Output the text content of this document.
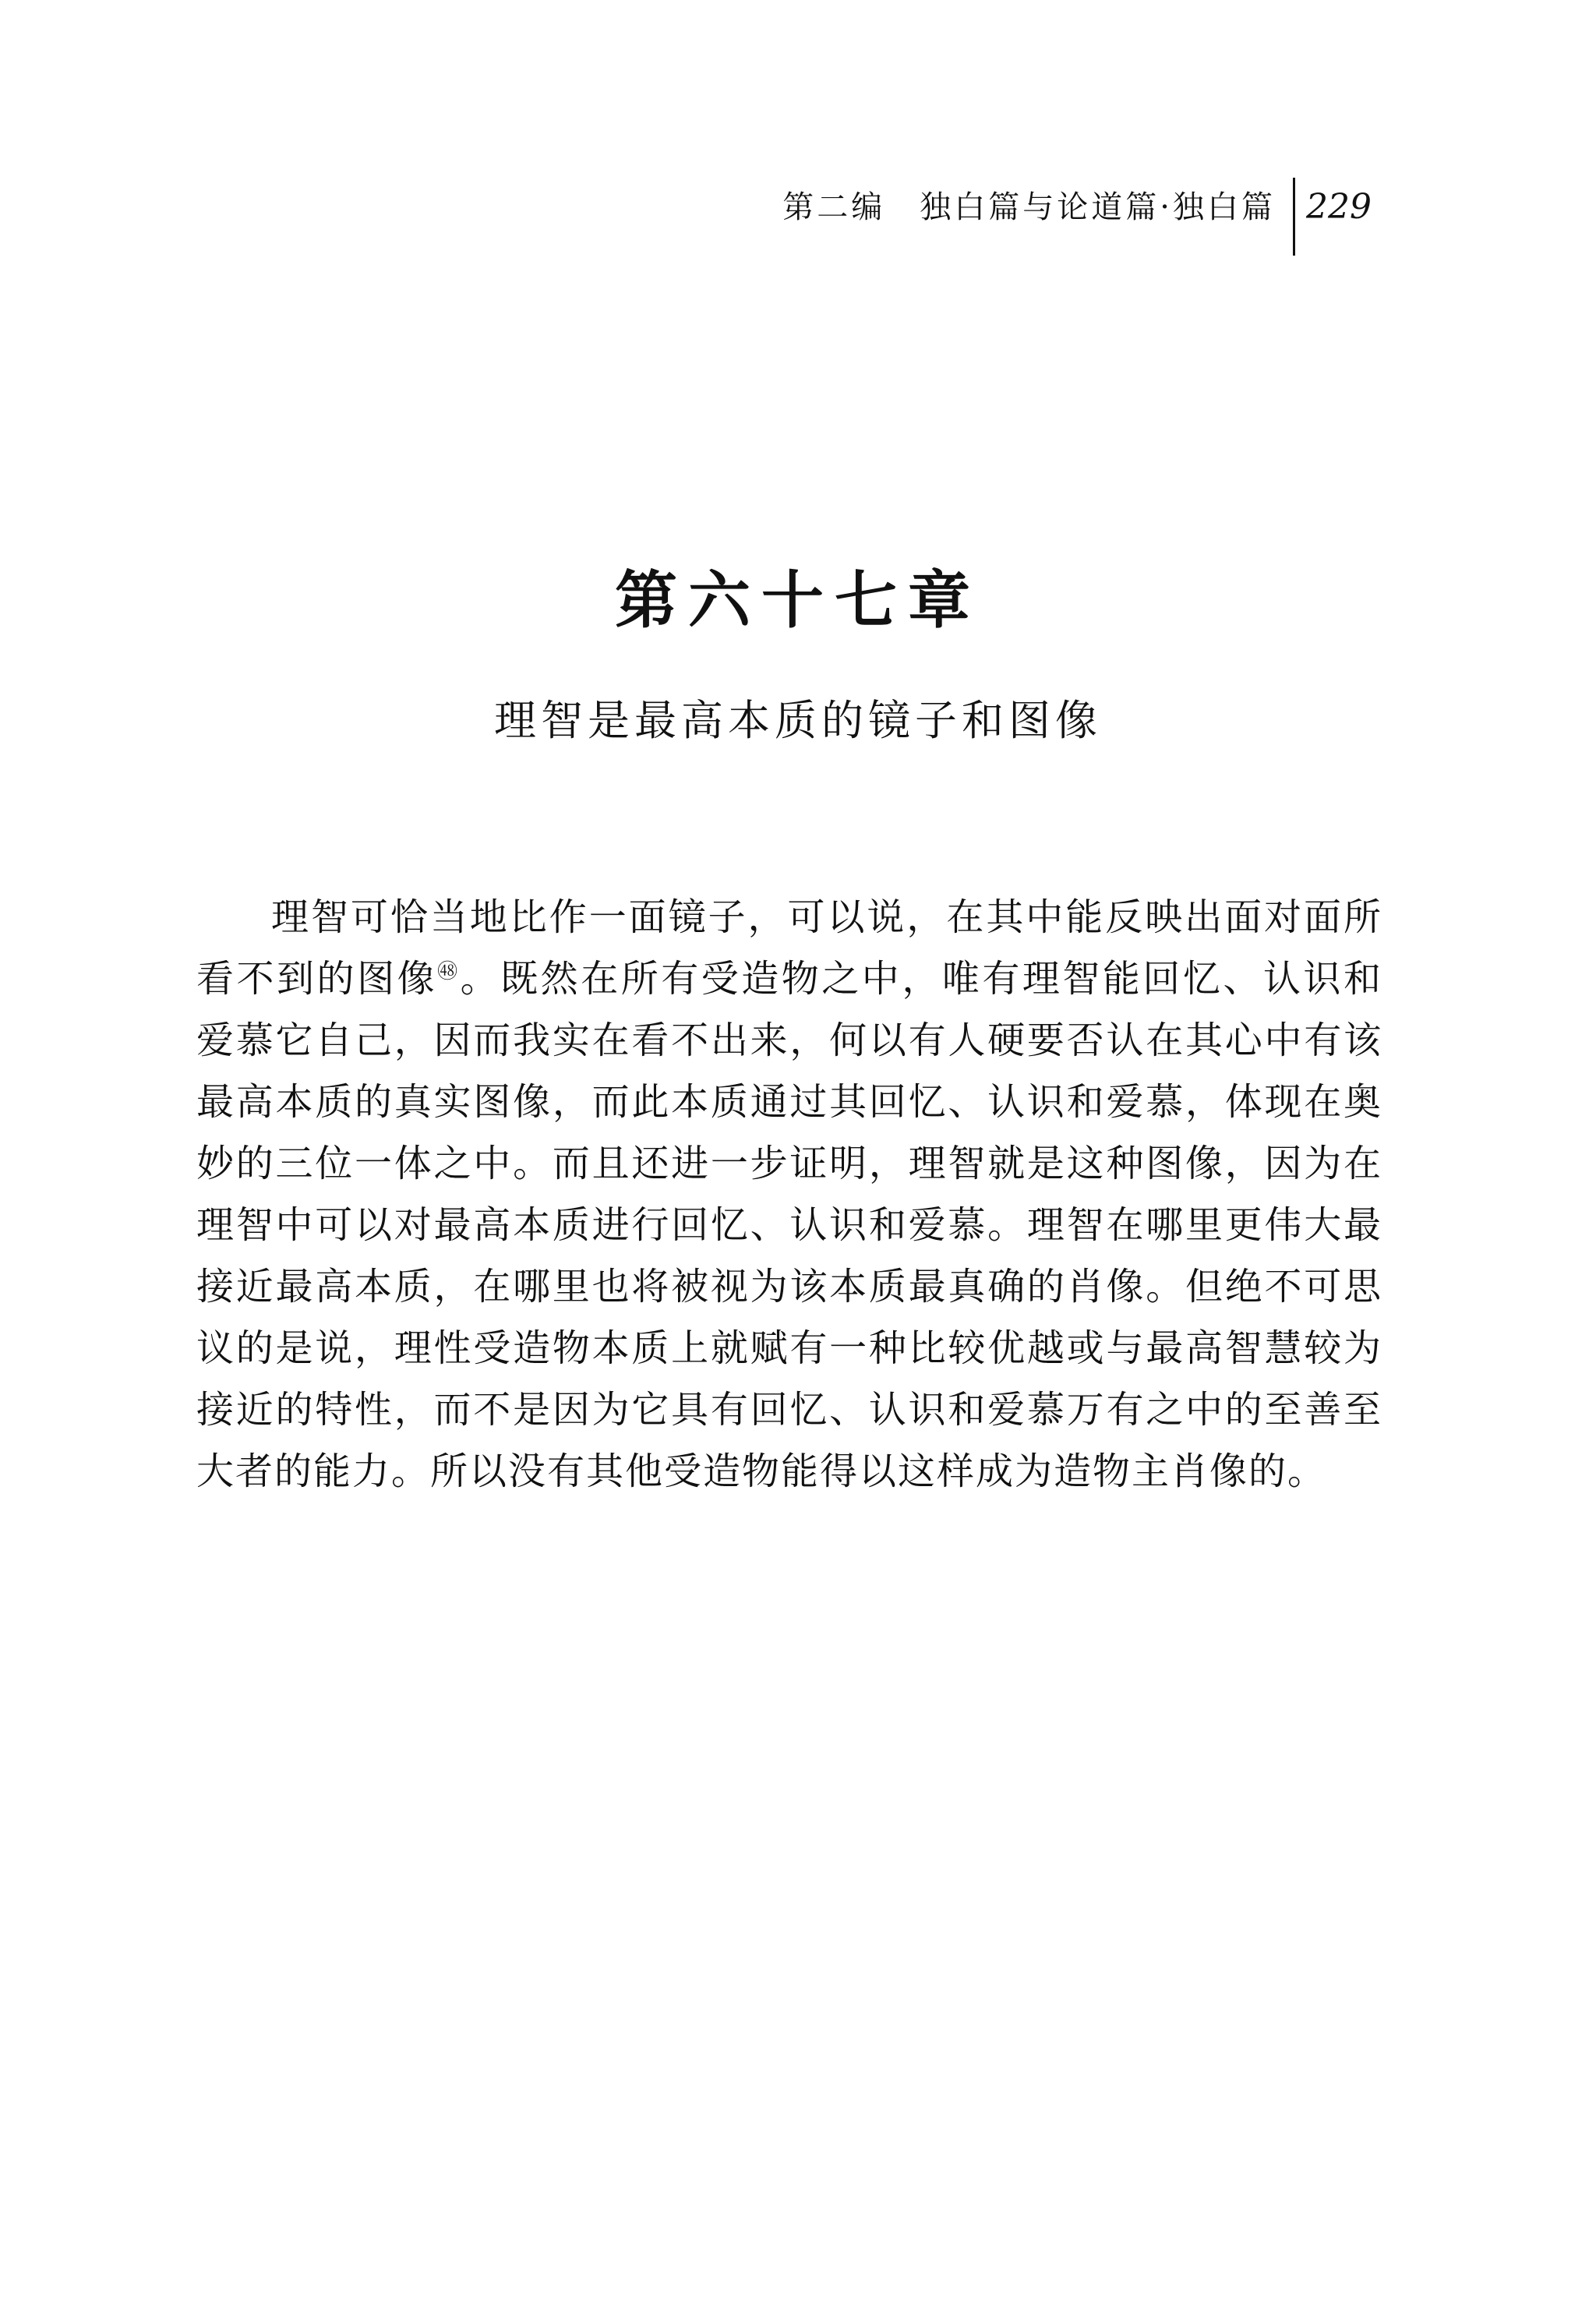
第二编　独白篇与论道篇·独白篇 229
第六十七章
理智是最高本质的镜子和图像

理智可恰当地比作一面镜子，可以说，在其中能反映出面对面所看不到的图像$^㊽$。既然在所有受造物之中，唯有理智能回忆、认识和爱慕它自己，因而我实在看不出来，何以有人硬要否认在其心中有该最高本质的真实图像，而此本质通过其回忆、认识和爱慕，体现在奥妙的三位一体之中。而且还进一步证明，理智就是这种图像，因为在理智中可以对最高本质进行回忆、认识和爱慕。理智在哪里更伟大最接近最高本质，在哪里也将被视为该本质最真确的肖像。但绝不可思议的是说，理性受造物本质上就赋有一种比较优越或与最高智慧较为接近的特性，而不是因为它具有回忆、认识和爱慕万有之中的至善至大者的能力。所以没有其他受造物能得以这样成为造物主肖像的。
